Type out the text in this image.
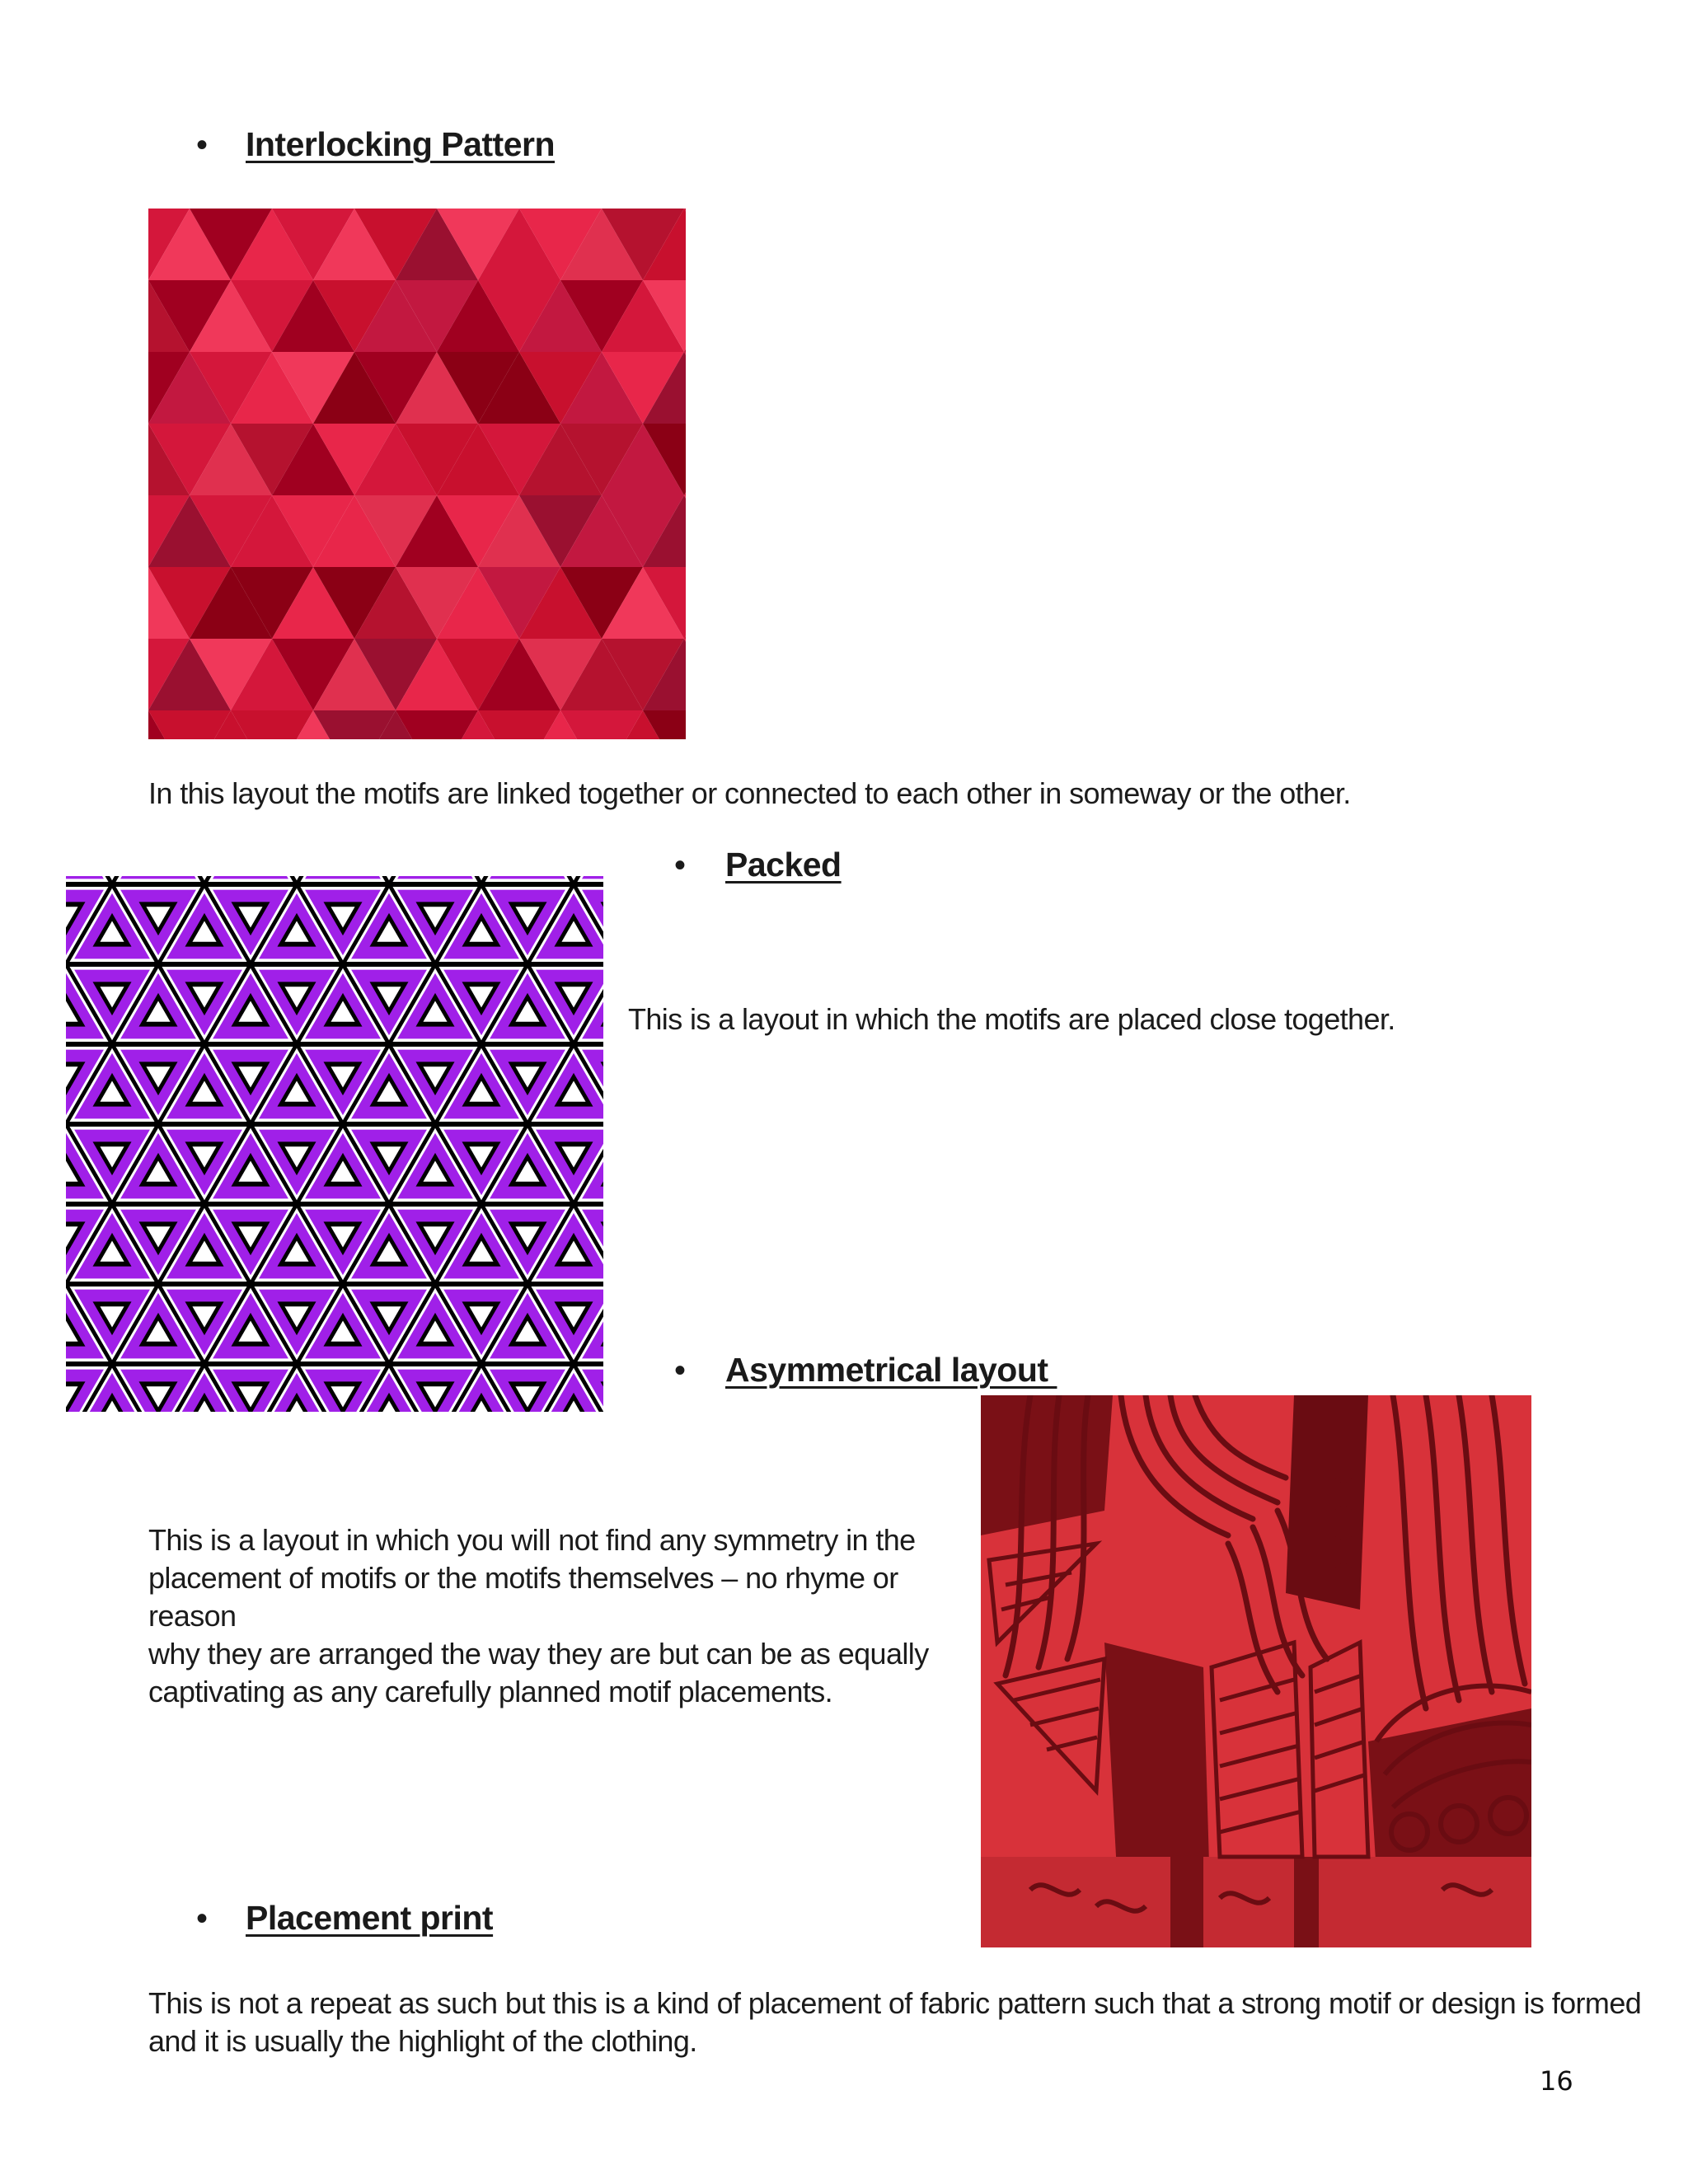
• Interlocking Pattern
In this layout the motifs are linked together or connected to each other in someway or the other.
• Packed
This is a layout in which the motifs are placed close together.
• Asymmetrical layout
This is a layout in which you will not find any symmetry in the
placement of motifs or the motifs themselves – no rhyme or reason
why they are arranged the way they are but can be as equally
captivating as any carefully planned motif placements.
• Placement print
This is not a repeat as such but this is a kind of placement of fabric pattern such that a strong motif or design is formed
and it is usually the highlight of the clothing.
16
